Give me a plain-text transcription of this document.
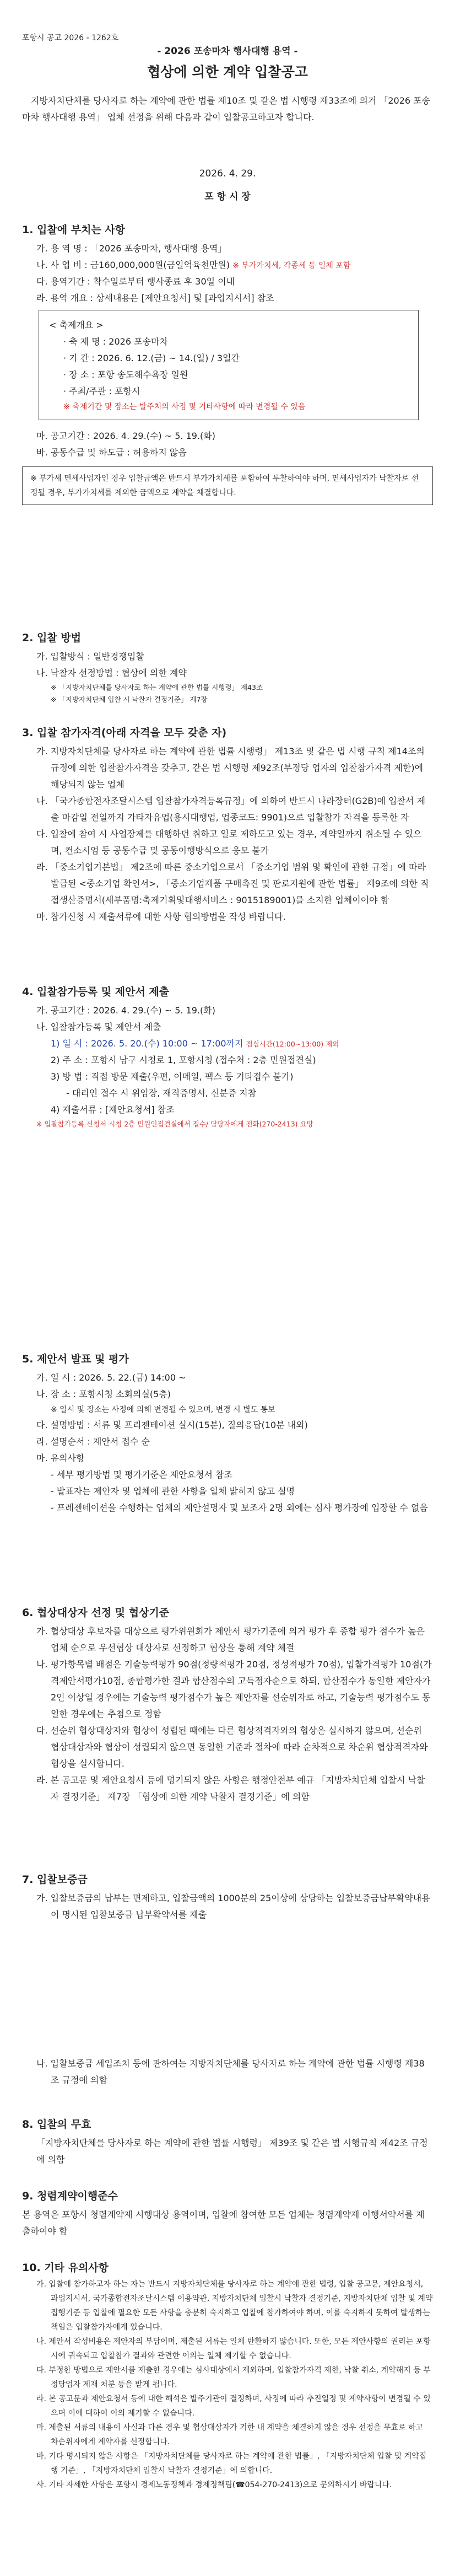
포항시 공고 2026 - 1262호

- 2026 포송마차 행사대행 용역 -

협상에 의한 계약 입찰공고

지방자치단체를 당사자로 하는 계약에 관한 법률 제10조 및 같은 법 시행령 제33조에 의거 「2026 포송마차 행사대행 용역」 업체 선정을 위해 다음과 같이 입찰공고하고자 합니다.

2026. 4. 29.

포 항 시 장

1. 입찰에 부치는 사항

가. 용 역 명 : 「2026 포송마차, 행사대행 용역」

나. 사 업 비 : 금160,000,000원(금일억육천만원) ※ 부가가치세, 각종세 등 일체 포함

다. 용역기간 : 착수일로부터 행사종료 후 30일 이내

라. 용역 개요 : 상세내용은 [제안요청서] 및 [과업지시서] 참조

< 축제개요 >

· 축 제 명 : 2026 포송마차

· 기 간 : 2026. 6. 12.(금) ~ 14.(일) / 3일간

· 장 소 : 포항 송도해수욕장 일원

· 주최/주관 : 포항시

※ 축제기간 및 장소는 발주처의 사정 및 기타사항에 따라 변경될 수 있음

마. 공고기간 : 2026. 4. 29.(수) ~ 5. 19.(화)

바. 공동수급 및 하도급 : 허용하지 않음

※ 부가세 면세사업자인 경우 입찰금액은 반드시 부가가치세를 포함하여 투찰하여야 하며, 면세사업자가 낙찰자로 선정될 경우, 부가가치세를 제외한 금액으로 계약을 체결합니다.

2. 입찰 방법

가. 입찰방식 : 일반경쟁입찰

나. 낙찰자 선정방법 : 협상에 의한 계약

※ 「지방자치단체를 당사자로 하는 계약에 관한 법률 시행령」 제43조

※ 「지방자치단체 입찰 시 낙찰자 결정기준」 제7장

3. 입찰 참가자격(아래 자격을 모두 갖춘 자)

가. 지방자치단체를 당사자로 하는 계약에 관한 법률 시행령」 제13조 및 같은 법 시행 규칙 제14조의 규정에 의한 입찰참가자격을 갖추고, 같은 법 시행령 제92조(부정당 업자의 입찰참가자격 제한)에 해당되지 않는 업체

나. 「국가종합전자조달시스템 입찰참가자격등록규정」에 의하여 반드시 나라장터(G2B)에 입찰서 제출 마감일 전일까지 가타자유업(용시대행업, 업종코드: 9901)으로 입찰참가 자격을 등록한 자

다. 입찰에 참여 시 사업장제를 대행하던 취하고 일로 제하도고 있는 경우, 계약일까지 취소될 수 있으며, 컨소시엄 등 공동수급 및 공동이행방식으로 응모 불가

라. 「중소기업기본법」 제2조에 따른 중소기업으로서 「중소기업 범위 및 확인에 관한 규정」에 따라 발급된 <중소기업 확인서>, 「중소기업제품 구매촉진 및 판로지원에 관한 법률」 제9조에 의한 직접생산증명서(세부품명:축제기획및대행서비스 : 9015189001)를 소지한 업체이어야 함

마. 참가신청 시 제출서류에 대한 사항 협의방법을 작성 바랍니다.

4. 입찰참가등록 및 제안서 제출

가. 공고기간 : 2026. 4. 29.(수) ~ 5. 19.(화)

나. 입찰참가등록 및 제안서 제출

1) 일 시 : 2026. 5. 20.(수) 10:00 ~ 17:00까지 점심시간(12:00~13:00) 제외

2) 주 소 : 포항시 남구 시청로 1, 포항시청 (접수처 : 2층 민원접견실)

3) 방 법 : 직접 방문 제출(우편, 이메일, 팩스 등 기타접수 불가)

- 대리인 접수 시 위임장, 재직증명서, 신분증 지참

4) 제출서류 : [제안요청서] 참조

※ 입찰참가등록 신청서 시청 2층 민원인접견실에서 접수/ 담당자에게 전화(270-2413) 요망

5. 제안서 발표 및 평가

가. 일 시 : 2026. 5. 22.(금) 14:00 ~

나. 장 소 : 포항시청 소회의실(5층)

※ 일시 및 장소는 사정에 의해 변경될 수 있으며, 변경 시 별도 통보

다. 설명방법 : 서류 및 프리젠테이션 실시(15분), 질의응답(10분 내외)

라. 설명순서 : 제안서 접수 순

마. 유의사항

- 세부 평가방법 및 평가기준은 제안요청서 참조

- 발표자는 제안자 및 업체에 관한 사항을 일체 밝히지 않고 설명

- 프레젠테이션을 수행하는 업체의 제안설명자 및 보조자 2명 외에는 심사 평가장에 입장할 수 없음

6. 협상대상자 선정 및 협상기준

가. 협상대상 후보자를 대상으로 평가위원회가 제안서 평가기준에 의거 평가 후 종합 평가 점수가 높은 업체 순으로 우선협상 대상자로 선정하고 협상을 통해 계약 체결

나. 평가항목별 배점은 기술능력평가 90점(정량적평가 20점, 정성적평가 70점), 입찰가격평가 10점(가격제안서평가10점, 종합평가한 결과 합산점수의 고득점자순으로 하되, 합산점수가 동일한 제안자가 2인 이상일 경우에는 기술능력 평가점수가 높은 제안자를 선순위자로 하고, 기술능력 평가점수도 동일한 경우에는 추첨으로 정함

다. 선순위 협상대상자와 협상이 성립된 때에는 다른 협상적격자와의 협상은 실시하지 않으며, 선순위 협상대상자와 협상이 성립되지 않으면 동일한 기준과 절차에 따라 순차적으로 차순위 협상적격자와 협상을 실시합니다.

라. 본 공고문 및 제안요청서 등에 명기되지 않은 사항은 행정안전부 예규 「지방자치단체 입찰시 낙찰자 결정기준」 제7장 「협상에 의한 계약 낙찰자 결정기준」에 의함

7. 입찰보증금

가. 입찰보증금의 납부는 면제하고, 입찰금액의 1000분의 25이상에 상당하는 입찰보증금납부확약내용이 명시된 입찰보증금 납부확약서를 제출

나. 입찰보증금 세입조치 등에 관하여는 지방자치단체를 당사자로 하는 계약에 관한 법률 시행령 제38조 규정에 의함

8. 입찰의 무효

「지방자치단체를 당사자로 하는 계약에 관한 법률 시행령」 제39조 및 같은 법 시행규칙 제42조 규정에 의함

9. 청렴계약이행준수

본 용역은 포항시 청렴계약제 시행대상 용역이며, 입찰에 참여한 모든 업체는 청렴계약제 이행서약서를 제출하여야 함

10. 기타 유의사항

가. 입찰에 참가하고자 하는 자는 반드시 지방자치단체를 당사자로 하는 계약에 관한 법령, 입찰 공고문, 제안요청서, 과업지시서, 국가종합전자조달시스템 이용약관, 지방자치단체 입찰시 낙찰자 결정기준, 지방자치단체 입찰 및 계약 집행기준 등 입찰에 필요한 모든 사항을 충분히 숙지하고 입찰에 참가하여야 하며, 이를 숙지하지 못하여 발생하는 책임은 입찰참가자에게 있습니다.

나. 제안서 작성비용은 제안자의 부담이며, 제출된 서류는 일체 반환하지 않습니다. 또한, 모든 제안사항의 권리는 포항시에 귀속되고 입찰참가 결과와 관련한 이의는 일체 제기할 수 없습니다.

다. 부정한 방법으로 제안서를 제출한 경우에는 심사대상에서 제외하며, 입찰참가자격 제한, 낙찰 취소, 계약해지 등 부정당업자 제재 처분 등을 받게 됩니다.

라. 본 공고문과 제안요청서 등에 대한 해석은 발주기관이 결정하며, 사정에 따라 추진일정 및 계약사항이 변경될 수 있으며 이에 대하여 이의 제기할 수 없습니다.

마. 제출된 서류의 내용이 사실과 다른 경우 및 협상대상자가 기한 내 계약을 체결하지 않을 경우 선정을 무효로 하고 차순위자에게 계약자를 선정합니다.

바. 기타 명시되지 않은 사항은 「지방자치단체를 당사자로 하는 계약에 관한 법률」, 「지방자치단체 입찰 및 계약집행 기준」, 「지방자치단체 입찰시 낙찰자 결정기준」에 의합니다.

사. 기타 자세한 사항은 포항시 경제노동정책과 경제정책팀(☎054-270-2413)으로 문의하시기 바랍니다.
